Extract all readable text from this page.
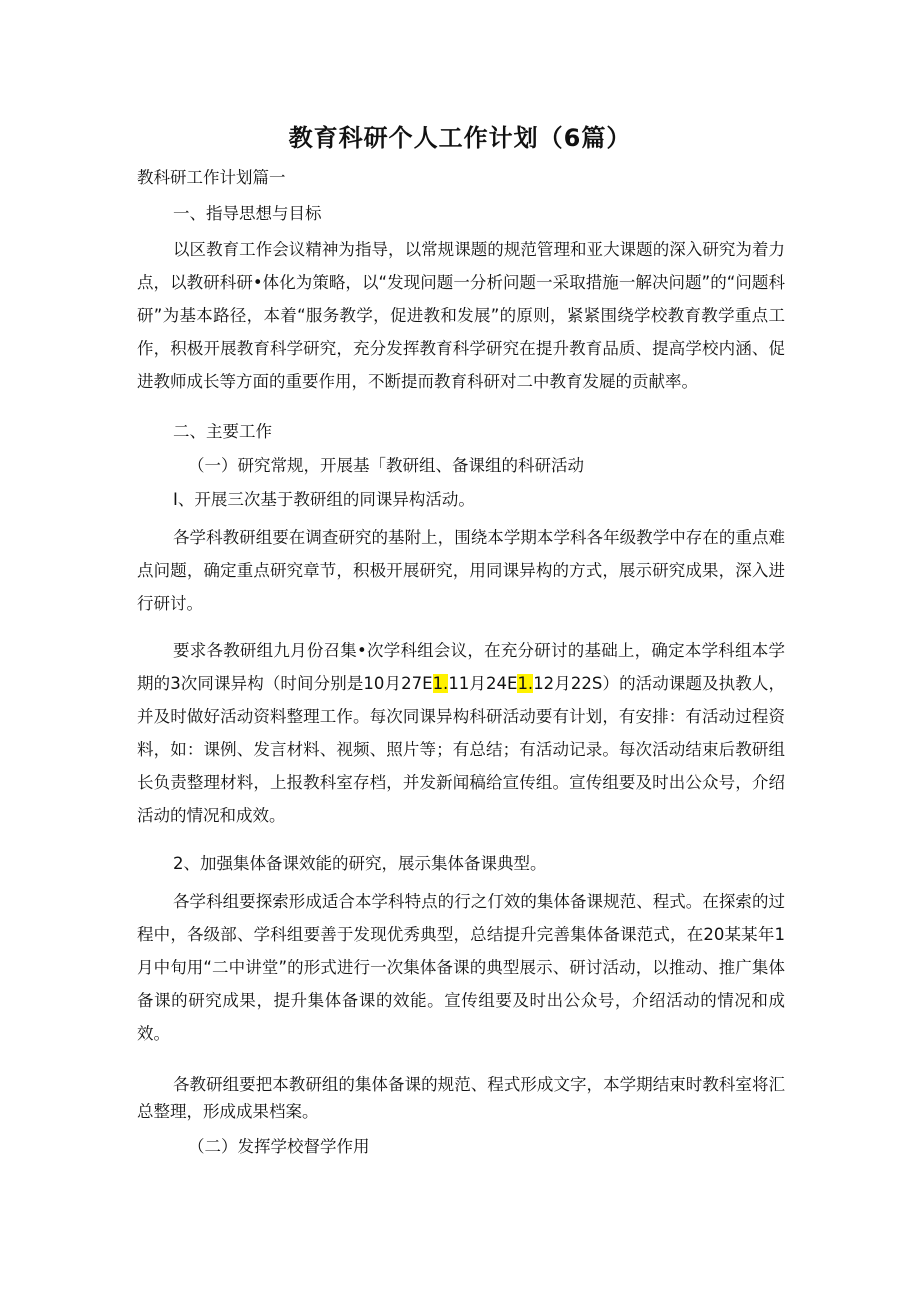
教育科研个人工作计划（6篇）
教科研工作计划篇一
一、指导思想与目标
以区教育工作会议精神为指导，以常规课题的规范管理和亚大课题的深入研究为着力点，以教研科研•体化为策略，以“发现问题一分析问题一采取措施一解决问题”的“问题科研”为基本路径，本着“服务教学，促进教和发展”的原则，紧紧围绕学校教育教学重点工作，积极开展教育科学研究，充分发挥教育科学研究在提升教育品质、提高学校内涵、促进教师成长等方面的重要作用，不断提而教育科研对二中教育发屣的贡献率。
二、主要工作
（一）研究常规，开展基「教研组、备课组的科研活动
I、开展三次基于教研组的同课异构活动。
各学科教研组要在调查研究的基附上，围绕本学期本学科各年级教学中存在的重点难点问题，确定重点研究章节，积极开展研究，用同课异构的方式，展示研究成果，深入进行研讨。
要求各教研组九月份召集•次学科组会议，在充分研讨的基础上，确定本学科组本学期的3次同课异构（时间分别是10月27E1.11月24E1.12月22S）的活动课题及执教人，并及时做好活动资料整理工作。每次同课异构科研活动要有计划，有安排：有活动过程资料，如：课例、发言材料、视频、照片等；有总结；有活动记录。每次活动结束后教研组长负责整理材料，上报教科室存档，并发新闻稿给宣传组。宣传组要及时出公众号，介绍活动的情况和成效。
2、加强集体备课效能的研究，展示集体备课典型。
各学科组要探索形成适合本学科特点的行之仃效的集体备课规范、程式。在探索的过程中，各级部、学科组要善于发现优秀典型，总结提升完善集体备课范式，在20某某年1月中旬用“二中讲堂”的形式进行一次集体备课的典型展示、研讨活动，以推动、推广集体备课的研究成果，提升集体备课的效能。宣传组要及时出公众号，介绍活动的情况和成效。
各教研组要把本教研组的集体备课的规范、程式形成文字，本学期结束时教科室将汇总整理，形成成果档案。
（二）发挥学校督学作用
